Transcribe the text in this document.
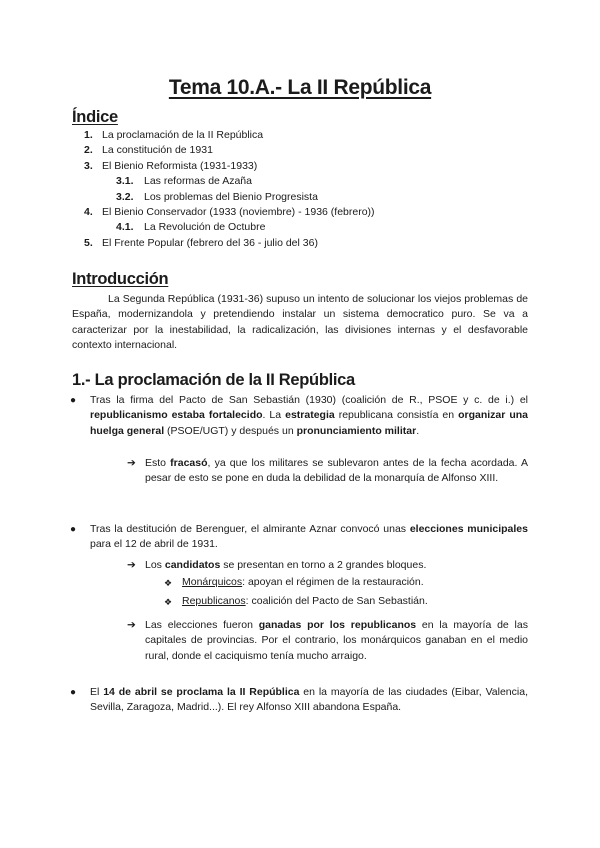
Tema 10.A.- La II República
Índice
1. La proclamación de la II República
2. La constitución de 1931
3. El Bienio Reformista (1931-1933)
3.1. Las reformas de Azaña
3.2. Los problemas del Bienio Progresista
4. El Bienio Conservador (1933 (noviembre) - 1936 (febrero))
4.1. La Revolución de Octubre
5. El Frente Popular (febrero del 36 - julio del 36)
Introducción
La Segunda República (1931-36) supuso un intento de solucionar los viejos problemas de España, modernizandola y pretendiendo instalar un sistema democratico puro. Se va a caracterizar por la inestabilidad, la radicalización, las divisiones internas y el desfavorable contexto internacional.
1.- La proclamación de la II República
● Tras la firma del Pacto de San Sebastián (1930) (coalición de R., PSOE y c. de i.) el republicanismo estaba fortalecido. La estrategia republicana consistía en organizar una huelga general (PSOE/UGT) y después un pronunciamiento militar.
➔ Esto fracasó, ya que los militares se sublevaron antes de la fecha acordada. A pesar de esto se pone en duda la debilidad de la monarquía de Alfonso XIII.
● Tras la destitución de Berenguer, el almirante Aznar convocó unas elecciones municipales para el 12 de abril de 1931.
➔ Los candidatos se presentan en torno a 2 grandes bloques.
❖ Monárquicos: apoyan el régimen de la restauración.
❖ Republicanos: coalición del Pacto de San Sebastián.
➔ Las elecciones fueron ganadas por los republicanos en la mayoría de las capitales de provincias. Por el contrario, los monárquicos ganaban en el medio rural, donde el caciquismo tenía mucho arraigo.
● El 14 de abril se proclama la II República en la mayoría de las ciudades (Eibar, Valencia, Sevilla, Zaragoza, Madrid...). El rey Alfonso XIII abandona España.
